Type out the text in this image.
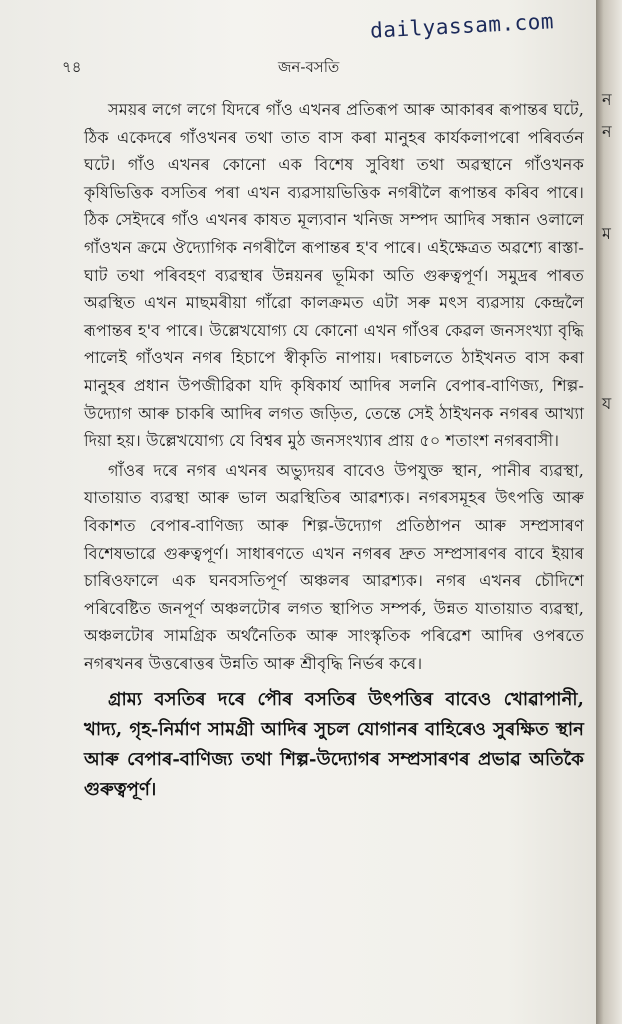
৭৪	জন-বসতি
dailyassam.com

সময়ৰ লগে লগে যিদৰে গাঁও এখনৰ প্ৰতিৰূপ আৰু আকাৰৰ ৰূপান্তৰ ঘটে, ঠিক একেদৰে গাঁওখনৰ তথা তাত বাস কৰা মানুহৰ কাৰ্যকলাপৰো পৰিবৰ্তন ঘটে। গাঁও এখনৰ কোনো এক বিশেষ সুবিধা তথা অৱস্থানে গাঁওখনক কৃষিভিত্তিক বসতিৰ পৰা এখন ব্যৱসায়ভিত্তিক নগৰীলৈ ৰূপান্তৰ কৰিব পাৰে। ঠিক সেইদৰে গাঁও এখনৰ কাষত মূল্যবান খনিজ সম্পদ আদিৰ সন্ধান ওলালে গাঁওখন ক্ৰমে ঔদ্যোগিক নগৰীলৈ ৰূপান্তৰ হ'ব পাৰে। এইক্ষেত্ৰত অৱশ্যে ৰাস্তা-ঘাট তথা পৰিবহণ ব্যৱস্থাৰ উন্নয়নৰ ভূমিকা অতি গুৰুত্বপূৰ্ণ। সমুদ্ৰৰ পাৰত অৱস্থিত এখন মাছমৰীয়া গাঁৱো কালক্ৰমত এটা সৰু মৎস ব্যৱসায় কেন্দ্ৰলৈ ৰূপান্তৰ হ'ব পাৰে। উল্লেখযোগ্য যে কোনো এখন গাঁওৰ কেৱল জনসংখ্যা বৃদ্ধি পালেই গাঁওখন নগৰ হিচাপে স্বীকৃতি নাপায়। দৰাচলতে ঠাইখনত বাস কৰা মানুহৰ প্ৰধান উপজীৱিকা যদি কৃষিকাৰ্য আদিৰ সলনি বেপাৰ-বাণিজ্য, শিল্প-উদ্যোগ আৰু চাকৰি আদিৰ লগত জড়িত, তেন্তে সেই ঠাইখনক নগৰৰ আখ্যা দিয়া হয়। উল্লেখযোগ্য যে বিশ্বৰ মুঠ জনসংখ্যাৰ প্ৰায় ৫০ শতাংশ নগৰবাসী।

গাঁওৰ দৰে নগৰ এখনৰ অভ্যুদয়ৰ বাবেও উপযুক্ত স্থান, পানীৰ ব্যৱস্থা, যাতায়াত ব্যৱস্থা আৰু ভাল অৱস্থিতিৰ আৱশ্যক। নগৰসমূহৰ উৎপত্তি আৰু বিকাশত বেপাৰ-বাণিজ্য আৰু শিল্প-উদ্যোগ প্ৰতিষ্ঠাপন আৰু সম্প্ৰসাৰণ বিশেষভাৱে গুৰুত্বপূৰ্ণ। সাধাৰণতে এখন নগৰৰ দ্ৰুত সম্প্ৰসাৰণৰ বাবে ইয়াৰ চাৰিওফালে এক ঘনবসতিপূৰ্ণ অঞ্চলৰ আৱশ্যক। নগৰ এখনৰ চৌদিশে পৰিবেষ্টিত জনপূৰ্ণ অঞ্চলটোৰ লগত স্থাপিত সম্পৰ্ক, উন্নত যাতায়াত ব্যৱস্থা, অঞ্চলটোৰ সামগ্ৰিক অৰ্থনৈতিক আৰু সাংস্কৃতিক পৰিৱেশ আদিৰ ওপৰতে নগৰখনৰ উত্তৰোত্তৰ উন্নতি আৰু শ্ৰীবৃদ্ধি নিৰ্ভৰ কৰে।

গ্ৰাম্য বসতিৰ দৰে পৌৰ বসতিৰ উৎপত্তিৰ বাবেও খোৱাপানী, খাদ্য, গৃহ-নিৰ্মাণ সামগ্ৰী আদিৰ সুচল যোগানৰ বাহিৰেও সুৰক্ষিত স্থান আৰু বেপাৰ-বাণিজ্য তথা শিল্প-উদ্যোগৰ সম্প্ৰসাৰণৰ প্ৰভাৱ অতিকৈ গুৰুত্বপূৰ্ণ।

ন
ন
ম
য
